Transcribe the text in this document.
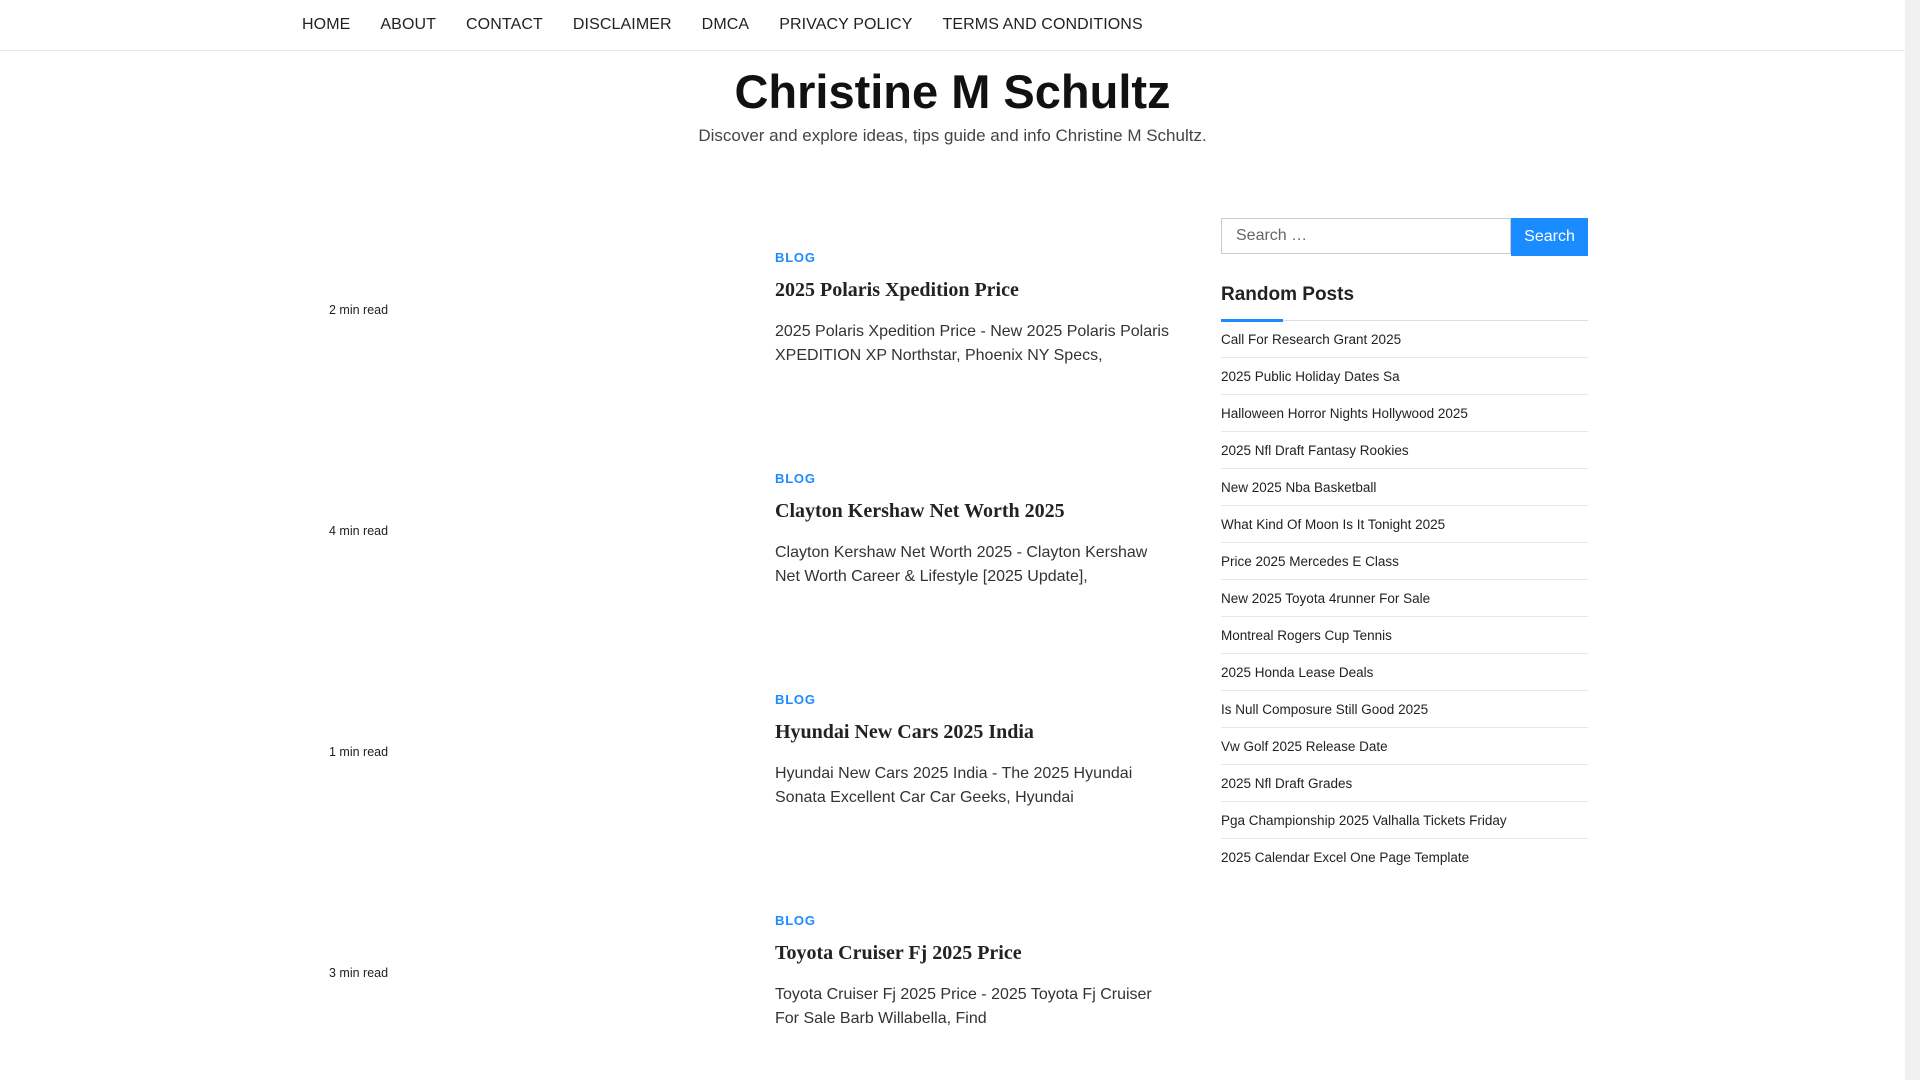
HOME ABOUT CONTACT DISCLAIMER DMCA PRIVACY POLICY TERMS AND CONDITIONS
Christine M Schultz

Discover and explore ideas, tips guide and info Christine M Schultz.

2 min read
BLOG
2025 Polaris Xpedition Price

2025 Polaris Xpedition Price - New 2025 Polaris Polaris XPEDITION XP Northstar, Phoenix NY Specs,

4 min read
BLOG
Clayton Kershaw Net Worth 2025

Clayton Kershaw Net Worth 2025 - Clayton Kershaw Net Worth Career & Lifestyle [2025 Update],

1 min read
BLOG
Hyundai New Cars 2025 India

Hyundai New Cars 2025 India - The 2025 Hyundai Sonata Excellent Car Car Geeks, Hyundai

3 min read
BLOG
Toyota Cruiser Fj 2025 Price

Toyota Cruiser Fj 2025 Price - 2025 Toyota Fj Cruiser For Sale Barb Willabella, Find

Search …	Search
Random Posts
Call For Research Grant 2025
2025 Public Holiday Dates Sa
Halloween Horror Nights Hollywood 2025
2025 Nfl Draft Fantasy Rookies
New 2025 Nba Basketball
What Kind Of Moon Is It Tonight 2025
Price 2025 Mercedes E Class
New 2025 Toyota 4runner For Sale
Montreal Rogers Cup Tennis
2025 Honda Lease Deals
Is Null Composure Still Good 2025
Vw Golf 2025 Release Date
2025 Nfl Draft Grades
Pga Championship 2025 Valhalla Tickets Friday
2025 Calendar Excel One Page Template
